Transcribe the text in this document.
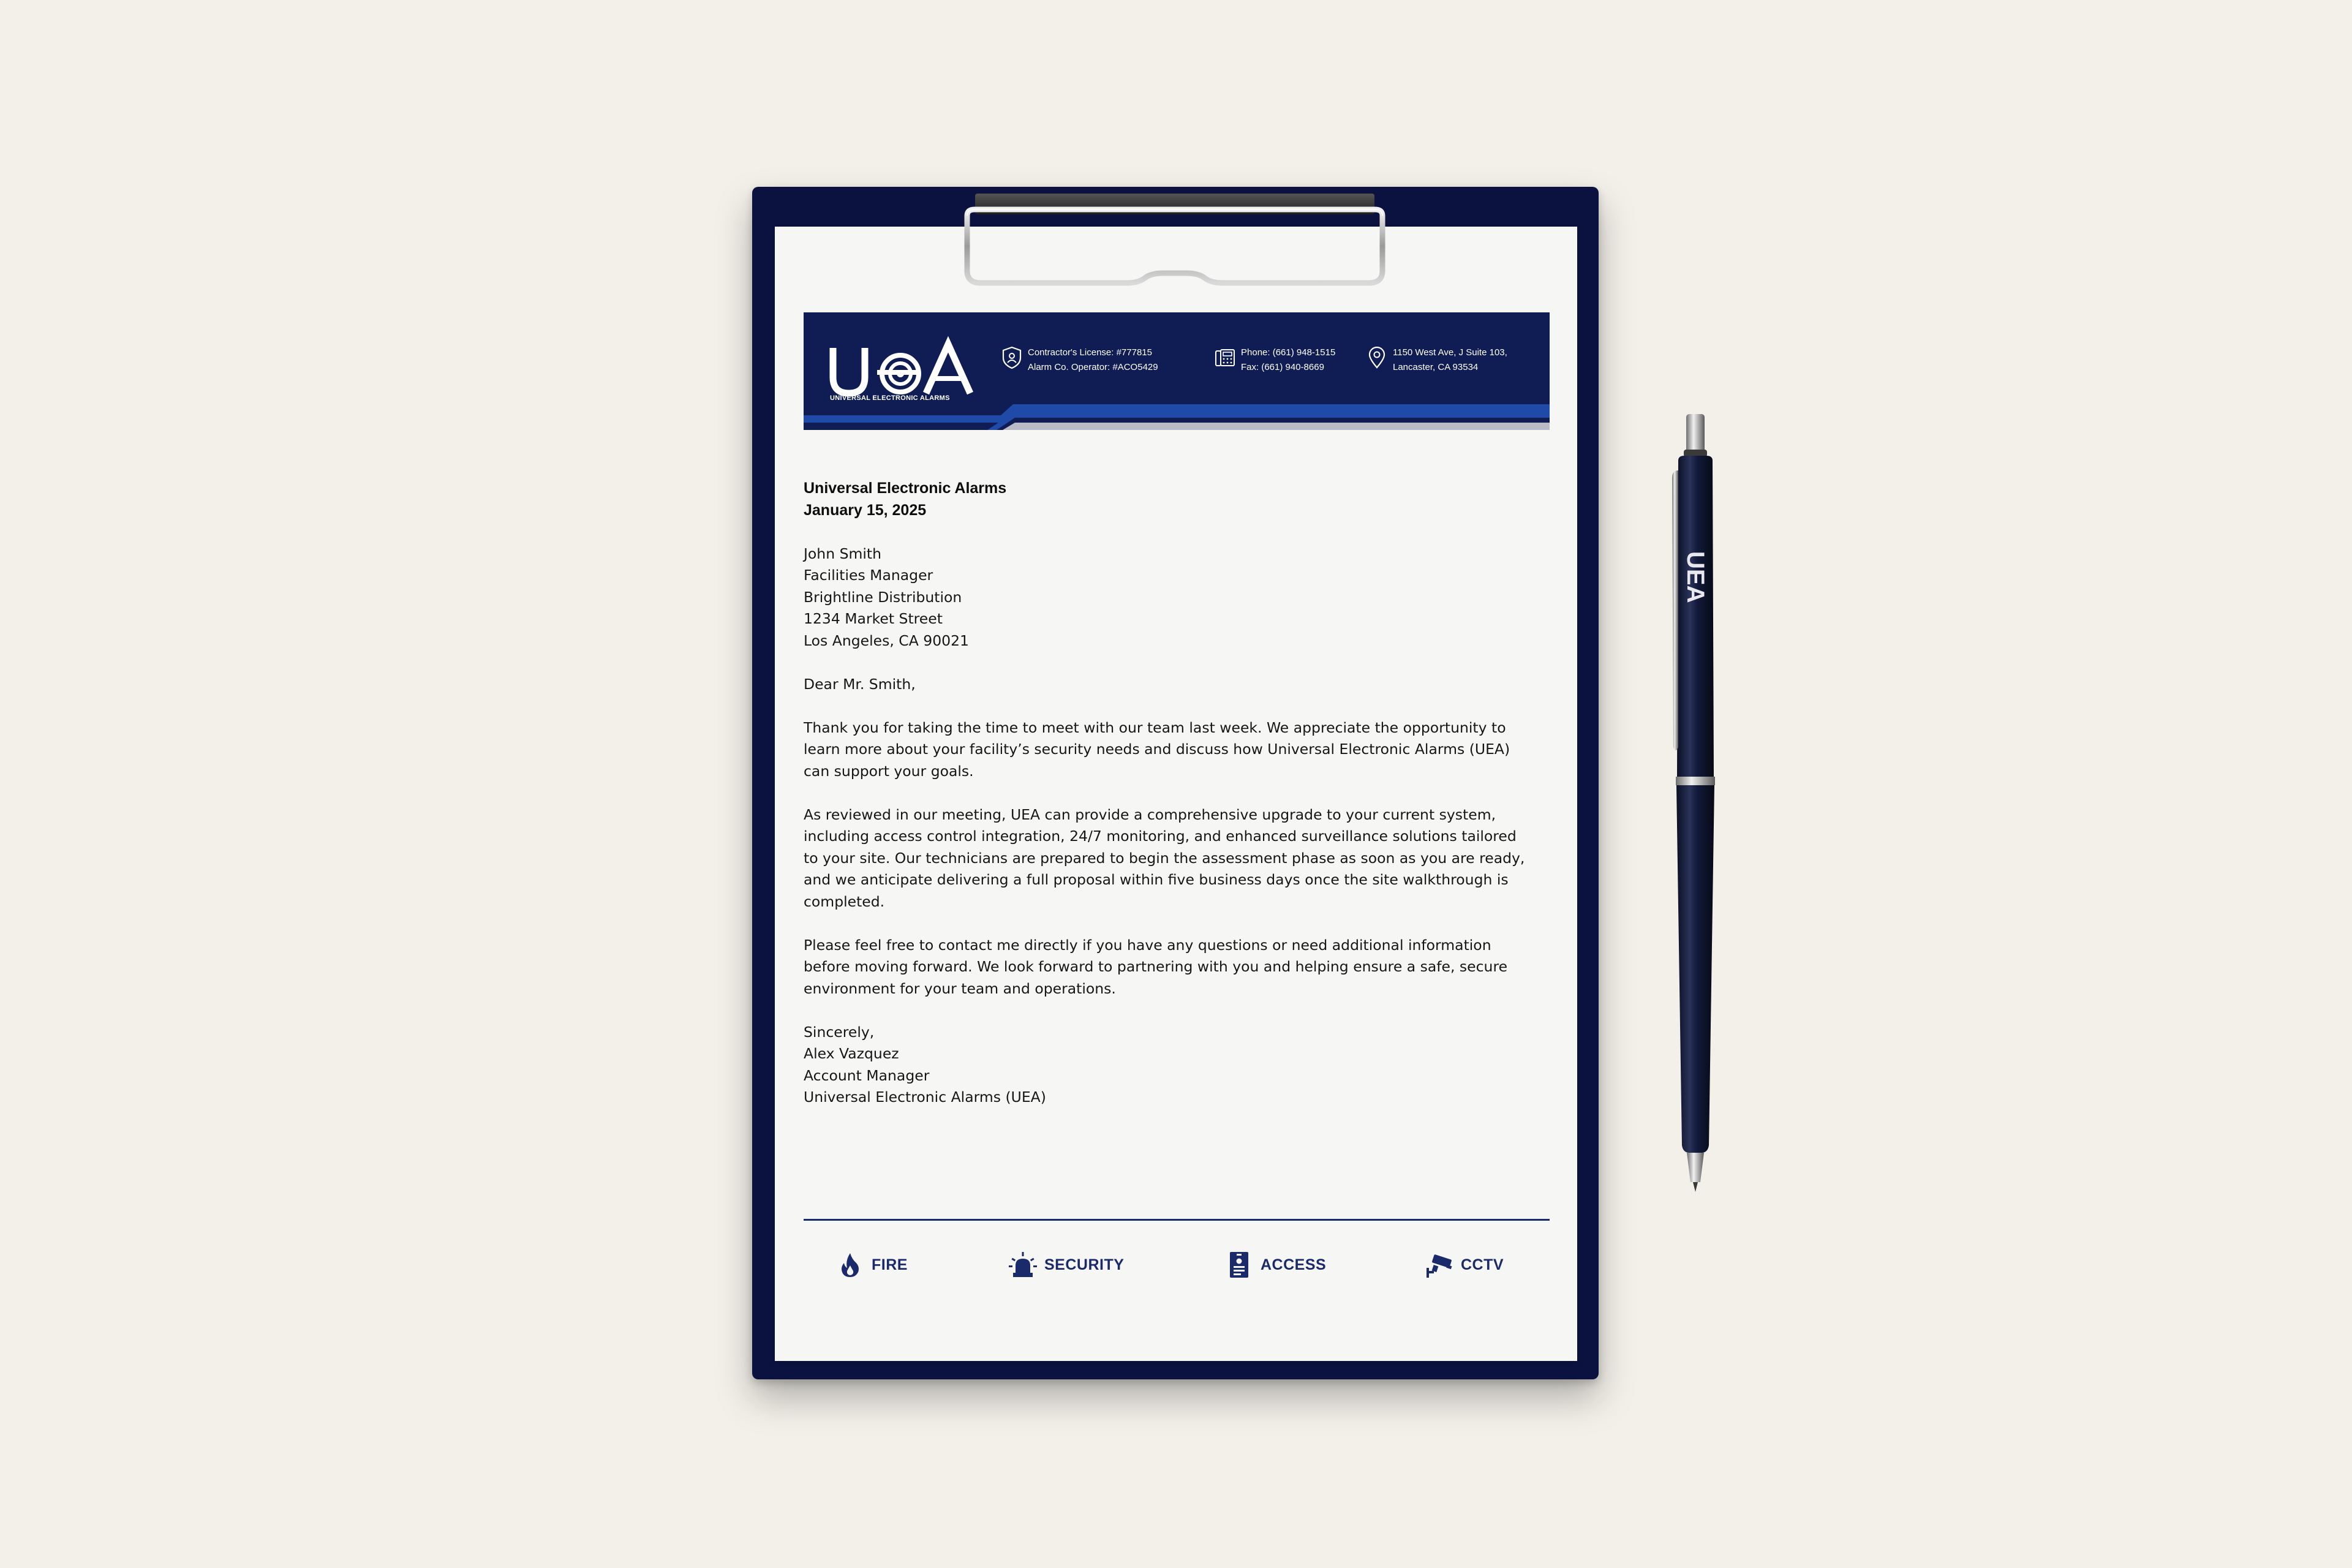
UNIVERSAL ELECTRONIC ALARMS
Contractor's License: #777815
Alarm Co. Operator: #ACO5429
Phone: (661) 948-1515
Fax: (661) 940-8669
1150 West Ave, J Suite 103,
Lancaster, CA 93534
Universal Electronic Alarms
January 15, 2025
John Smith
Facilities Manager
Brightline Distribution
1234 Market Street
Los Angeles, CA 90021
Dear Mr. Smith,
Thank you for taking the time to meet with our team last week. We appreciate the opportunity to
learn more about your facility’s security needs and discuss how Universal Electronic Alarms (UEA)
can support your goals.
As reviewed in our meeting, UEA can provide a comprehensive upgrade to your current system,
including access control integration, 24/7 monitoring, and enhanced surveillance solutions tailored
to your site. Our technicians are prepared to begin the assessment phase as soon as you are ready,
and we anticipate delivering a full proposal within five business days once the site walkthrough is
completed.
Please feel free to contact me directly if you have any questions or need additional information
before moving forward. We look forward to partnering with you and helping ensure a safe, secure
environment for your team and operations.
Sincerely,
Alex Vazquez
Account Manager
Universal Electronic Alarms (UEA)
FIRE	SECURITY	ACCESS	CCTV
UEA
